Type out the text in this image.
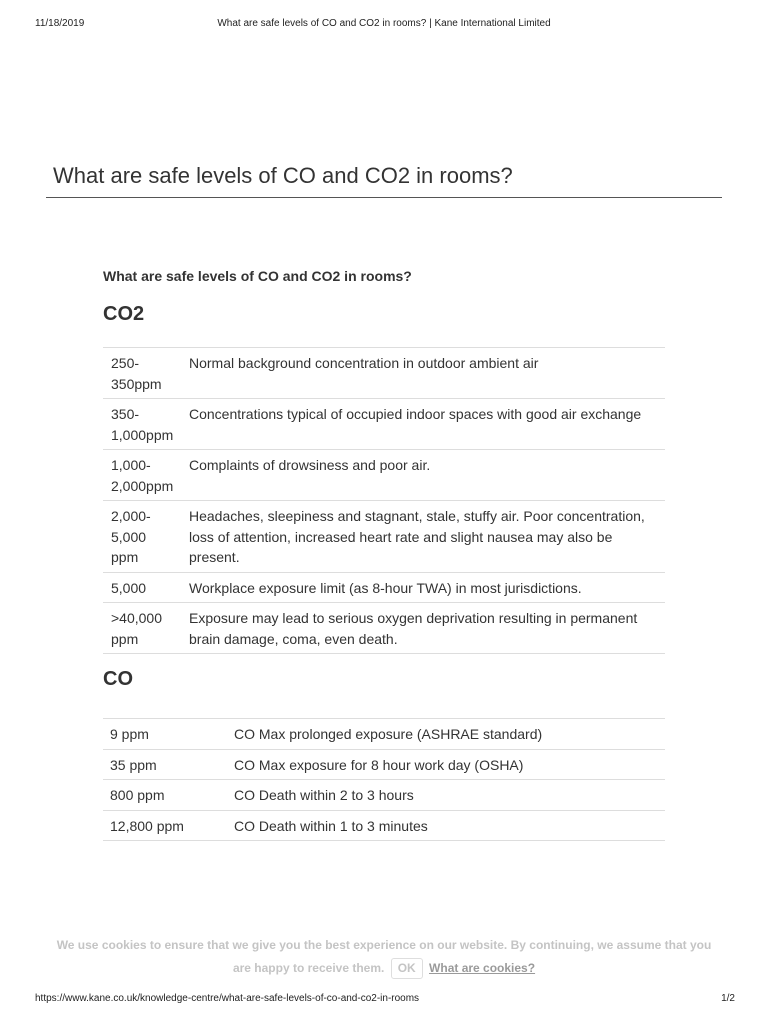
11/18/2019	What are safe levels of CO and CO2 in rooms? | Kane International Limited
What are safe levels of CO and CO2 in rooms?
What are safe levels of CO and CO2 in rooms?
CO2
250-
350ppm	Normal background concentration in outdoor ambient air
350-
1,000ppm	Concentrations typical of occupied indoor spaces with good air exchange
1,000-
2,000ppm	Complaints of drowsiness and poor air.
2,000-
5,000
ppm	Headaches, sleepiness and stagnant, stale, stuffy air. Poor concentration, loss of attention, increased heart rate and slight nausea may also be present.
5,000	Workplace exposure limit (as 8-hour TWA) in most jurisdictions.
>40,000
ppm	Exposure may lead to serious oxygen deprivation resulting in permanent brain damage, coma, even death.
CO
9 ppm	CO Max prolonged exposure (ASHRAE standard)
35 ppm	CO Max exposure for 8 hour work day (OSHA)
800 ppm	CO Death within 2 to 3 hours
12,800 ppm	CO Death within 1 to 3 minutes
We use cookies to ensure that we give you the best experience on our website. By continuing, we assume that you
are happy to receive them. OK What are cookies?
https://www.kane.co.uk/knowledge-centre/what-are-safe-levels-of-co-and-co2-in-rooms	1/2
